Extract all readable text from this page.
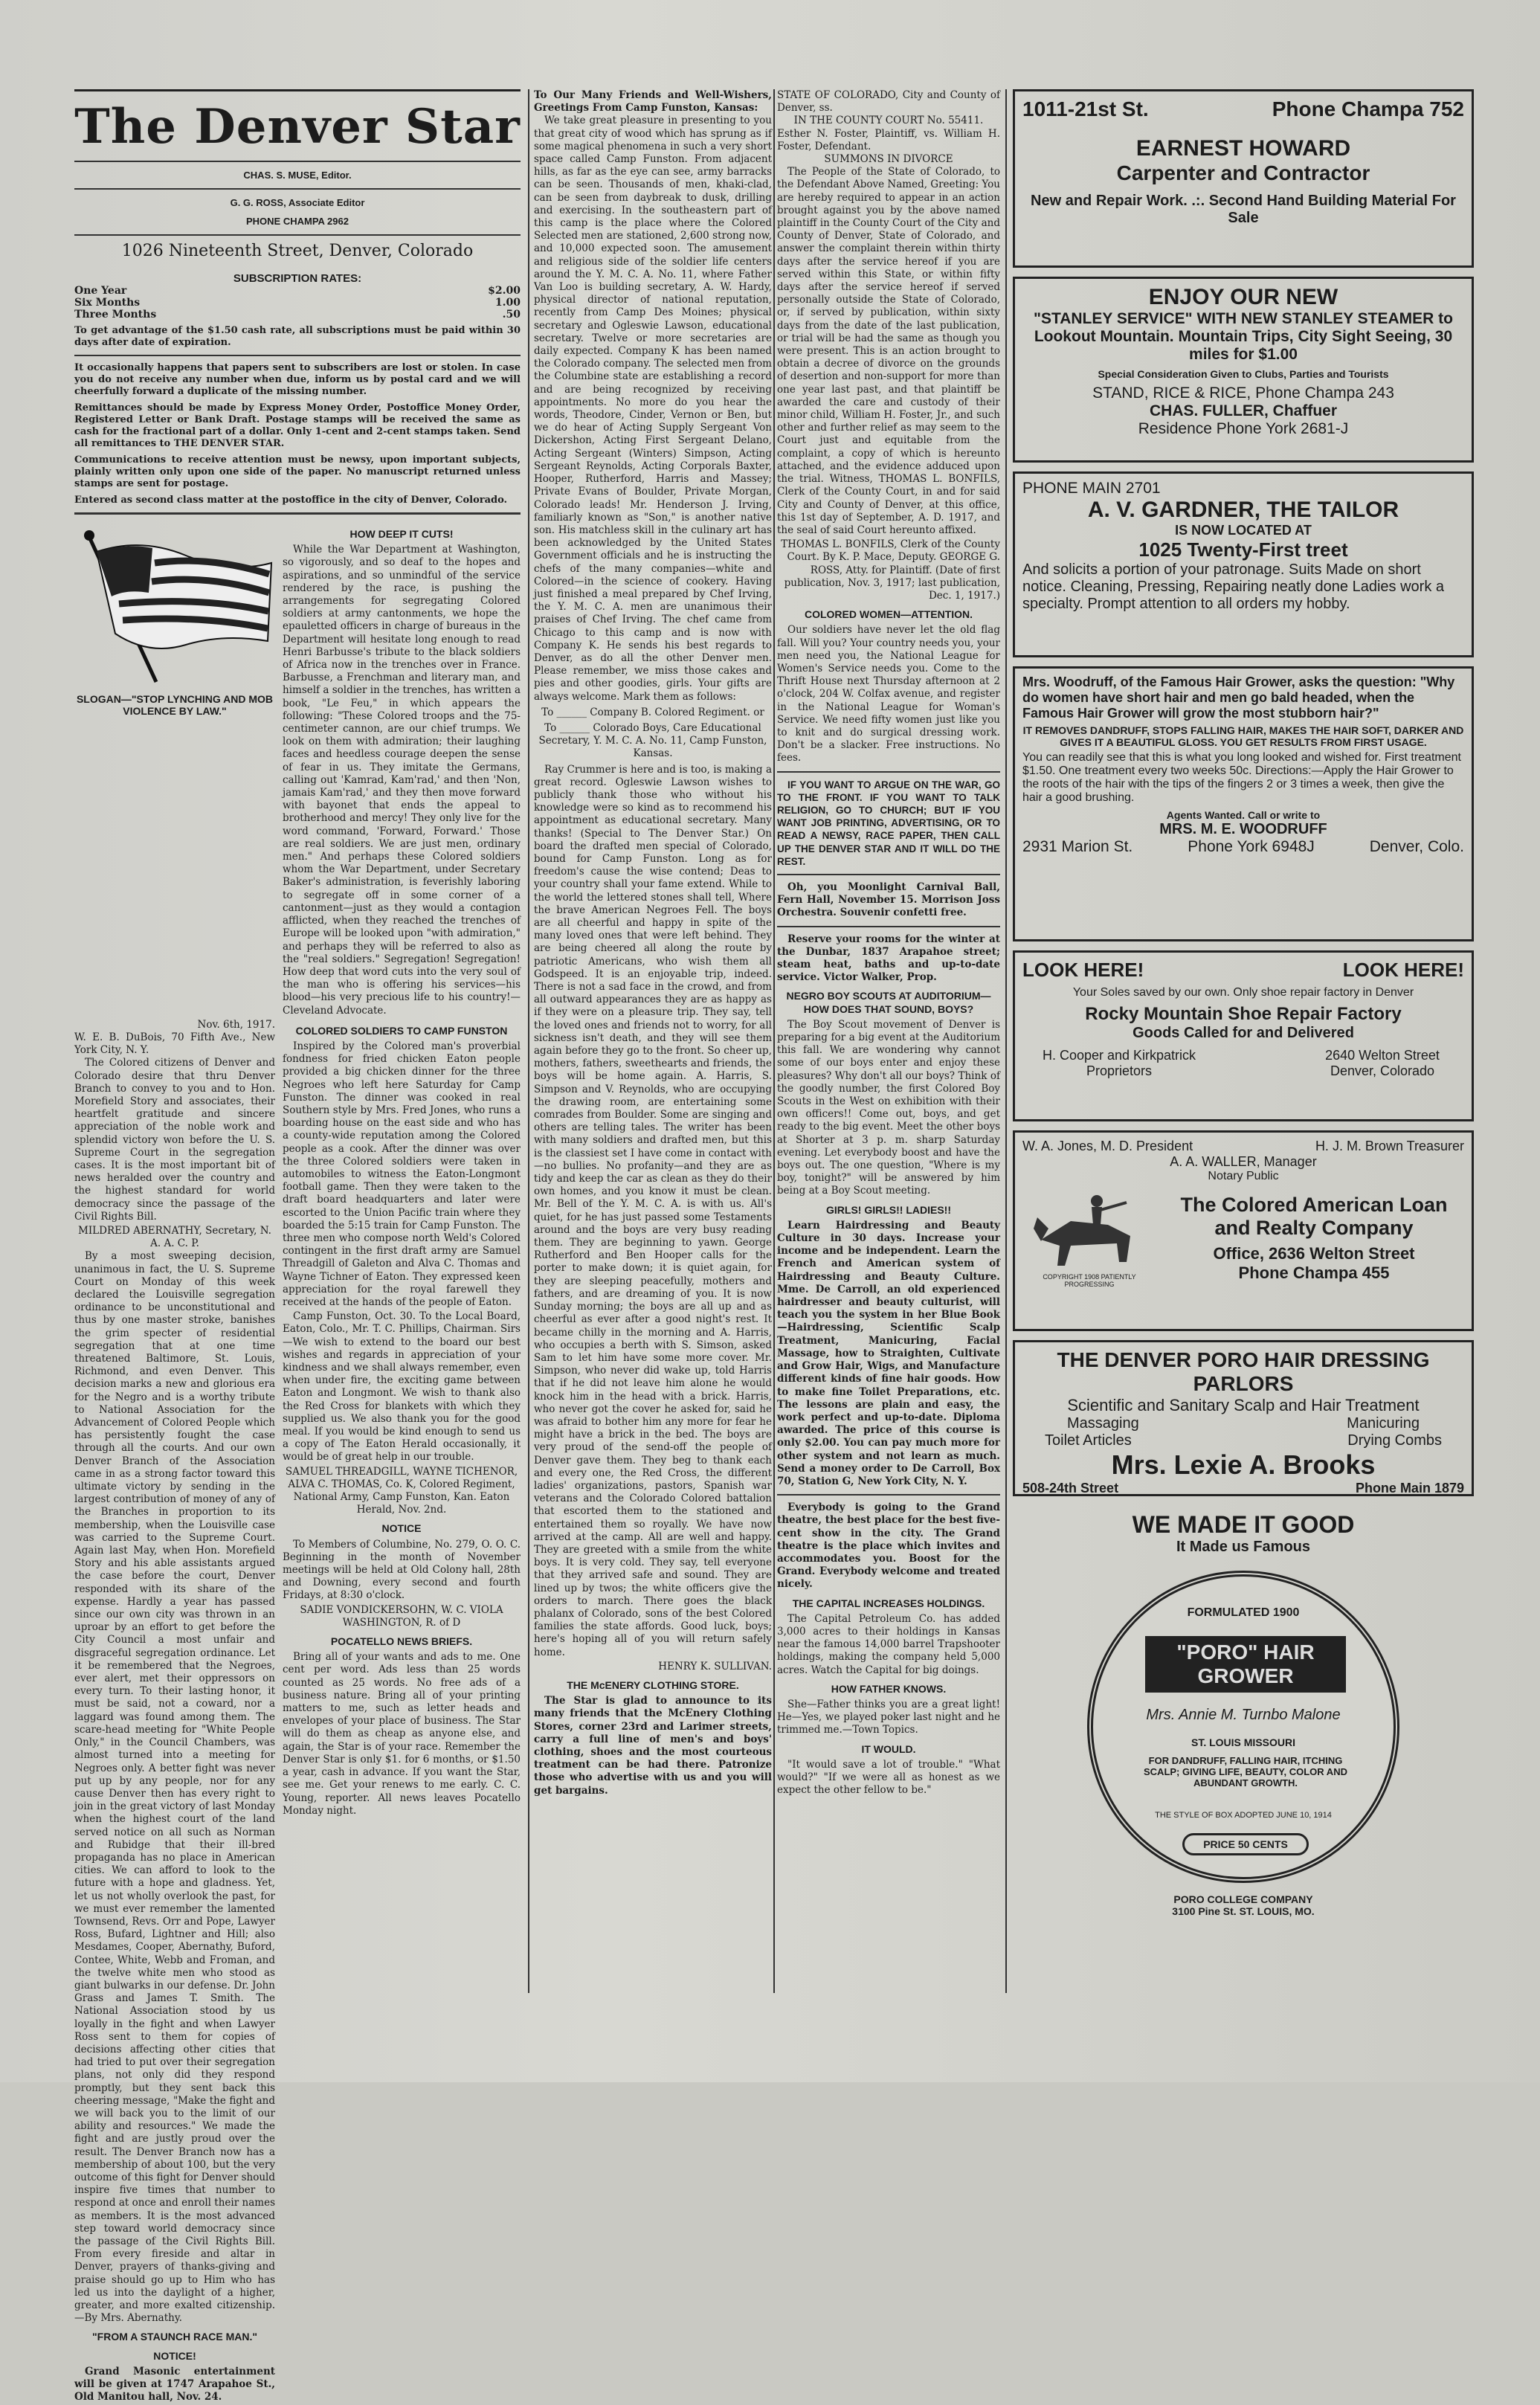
The Denver Star
CHAS. S. MUSE, Editor.
G. G. ROSS, Associate Editor
PHONE CHAMPA 2962
1026 Nineteenth Street, Denver, Colorado
SUBSCRIPTION RATES:
One Year	$2.00
Six Months	1.00
Three Months	.50
To get advantage of the $1.50 cash rate, all subscriptions must be paid within 30 days after date of expiration.
It occasionally happens that papers sent to subscribers are lost or stolen. In case you do not receive any number when due, inform us by postal card and we will cheerfully forward a duplicate of the missing number.
Remittances should be made by Express Money Order, Postoffice Money Order, Registered Letter or Bank Draft. Postage stamps will be received the same as cash for the fractional part of a dollar. Only 1-cent and 2-cent stamps taken. Send all remittances to THE DENVER STAR.
Communications to receive attention must be newsy, upon important subjects, plainly written only upon one side of the paper. No manuscript returned unless stamps are sent for postage.
Entered as second class matter at the postoffice in the city of Denver, Colorado.
SLOGAN—"STOP LYNCHING AND MOB VIOLENCE BY LAW."
HOW DEEP IT CUTS!

While the War Department at Washington, so vigorously, and so deaf to the hopes and aspirations, and so unmindful of the service rendered by the race, is pushing the arrangements for segregating Colored soldiers at army cantonments, we hope the epauletted officers in charge of bureaus in the Department will hesitate long enough to read Henri Barbusse's tribute to the black soldiers of Africa now in the trenches over in France. Barbusse, a Frenchman and literary man, and himself a soldier in the trenches, has written a book, "Le Feu," in which appears the following: "These Colored troops and the 75-centimeter cannon, are our chief trumps. We look on them with admiration; their laughing faces and heedless courage deepen the sense of fear in us. They imitate the Germans, calling out 'Kamrad, Kam'rad,' and then 'Non, jamais Kam'rad,' and they then move forward with bayonet that ends the appeal to brotherhood and mercy! They only live for the word command, 'Forward, Forward.' Those are real soldiers. We are just men, ordinary men." And perhaps these Colored soldiers whom the War Department, under Secretary Baker's administration, is feverishly laboring to segregate off in some corner of a cantonment—just as they would a contagion afflicted, when they reached the trenches of Europe will be looked upon "with admiration," and perhaps they will be referred to also as the "real soldiers." Segregation! Segregation! How deep that word cuts into the very soul of the man who is offering his services—his blood—his very precious life to his country!—Cleveland Advocate.

Nov. 6th, 1917.
W. E. B. DuBois, 70 Fifth Ave., New York City, N. Y.

The Colored citizens of Denver and Colorado desire that thru Denver Branch to convey to you and to Hon. Morefield Story and associates, their heartfelt gratitude and sincere appreciation of the noble work and splendid victory won before the U. S. Supreme Court in the segregation cases. It is the most important bit of news heralded over the country and the highest standard for world democracy since the passage of the Civil Rights Bill.

MILDRED ABERNATHY, Secretary, N. A. A. C. P.

By a most sweeping decision, unanimous in fact, the U. S. Supreme Court on Monday of this week declared the Louisville segregation ordinance to be unconstitutional and thus by one master stroke, banishes the grim specter of residential segregation that at one time threatened Baltimore, St. Louis, Richmond, and even Denver. This decision marks a new and glorious era for the Negro and is a worthy tribute to National Association for the Advancement of Colored People which has persistently fought the case through all the courts. And our own Denver Branch of the Association came in as a strong factor toward this ultimate victory by sending in the largest contribution of money of any of the Branches in proportion to its membership, when the Louisville case was carried to the Supreme Court. Again last May, when Hon. Morefield Story and his able assistants argued the case before the court, Denver responded with its share of the expense. Hardly a year has passed since our own city was thrown in an uproar by an effort to get before the City Council a most unfair and disgraceful segregation ordinance. Let it be remembered that the Negroes, ever alert, met their oppressors on every turn. To their lasting honor, it must be said, not a coward, nor a laggard was found among them. The scare-head meeting for "White People Only," in the Council Chambers, was almost turned into a meeting for Negroes only. A better fight was never put up by any people, nor for any cause Denver then has every right to join in the great victory of last Monday when the highest court of the land served notice on all such as Norman and Rubidge that their ill-bred propaganda has no place in American cities. We can afford to look to the future with a hope and gladness. Yet, let us not wholly overlook the past, for we must ever remember the lamented Townsend, Revs. Orr and Pope, Lawyer Ross, Bufard, Lightner and Hill; also Mesdames, Cooper, Abernathy, Buford, Contee, White, Webb and Froman, and the twelve white men who stood as giant bulwarks in our defense. Dr. John Grass and James T. Smith. The National Association stood by us loyally in the fight and when Lawyer Ross sent to them for copies of decisions affecting other cities that had tried to put over their segregation plans, not only did they respond promptly, but they sent back this cheering message, "Make the fight and we will back you to the limit of our ability and resources." We made the fight and are justly proud over the result. The Denver Branch now has a membership of about 100, but the very outcome of this fight for Denver should inspire five times that number to respond at once and enroll their names as members. It is the most advanced step toward world democracy since the passage of the Civil Rights Bill. From every fireside and altar in Denver, prayers of thanks-giving and praise should go up to Him who has led us into the daylight of a higher, greater, and more exalted citizenship.—By Mrs. Abernathy.

"FROM A STAUNCH RACE MAN."
NOTICE!

Grand Masonic entertainment will be given at 1747 Arapahoe St., Old Manitou hall, Nov. 24.

COLORED SOLDIERS TO CAMP FUNSTON

Inspired by the Colored man's proverbial fondness for fried chicken Eaton people provided a big chicken dinner for the three Negroes who left here Saturday for Camp Funston. The dinner was cooked in real Southern style by Mrs. Fred Jones, who runs a boarding house on the east side and who has a county-wide reputation among the Colored people as a cook. After the dinner was over the three Colored soldiers were taken in automobiles to witness the Eaton-Longmont football game. Then they were taken to the draft board headquarters and later were escorted to the Union Pacific train where they boarded the 5:15 train for Camp Funston. The three men who compose north Weld's Colored contingent in the first draft army are Samuel Threadgill of Galeton and Alva C. Thomas and Wayne Tichner of Eaton. They expressed keen appreciation for the royal farewell they received at the hands of the people of Eaton.

Camp Funston, Oct. 30. To the Local Board, Eaton, Colo., Mr. T. C. Phillips, Chairman. Sirs—We wish to extend to the board our best wishes and regards in appreciation of your kindness and we shall always remember, even when under fire, the exciting game between Eaton and Longmont. We wish to thank also the Red Cross for blankets with which they supplied us. We also thank you for the good meal. If you would be kind enough to send us a copy of The Eaton Herald occasionally, it would be of great help in our trouble.

SAMUEL THREADGILL, WAYNE TICHENOR, ALVA C. THOMAS, Co. K, Colored Regiment, National Army, Camp Funston, Kan. Eaton Herald, Nov. 2nd.
NOTICE

To Members of Columbine, No. 279, O. O. C. Beginning in the month of November meetings will be held at Old Colony hall, 28th and Downing, every second and fourth Fridays, at 8:30 o'clock.

SADIE VONDICKERSOHN, W. C. VIOLA WASHINGTON, R. of D
POCATELLO NEWS BRIEFS.

Bring all of your wants and ads to me. One cent per word. Ads less than 25 words counted as 25 words. No free ads of a business nature. Bring all of your printing matters to me, such as letter heads and envelopes of your place of business. The Star will do them as cheap as anyone else, and again, the Star is of your race. Remember the Denver Star is only $1. for 6 months, or $1.50 a year, cash in advance. If you want the Star, see me. Get your renews to me early. C. C. Young, reporter. All news leaves Pocatello Monday night.

To Our Many Friends and Well-Wishers, Greetings From Camp Funston, Kansas:

We take great pleasure in presenting to you that great city of wood which has sprung as if some magical phenomena in such a very short space called Camp Funston. From adjacent hills, as far as the eye can see, army barracks can be seen. Thousands of men, khaki-clad, can be seen from daybreak to dusk, drilling and exercising. In the southeastern part of this camp is the place where the Colored Selected men are stationed, 2,600 strong now, and 10,000 expected soon. The amusement and religious side of the soldier life centers around the Y. M. C. A. No. 11, where Father Van Loo is building secretary, A. W. Hardy, physical director of national reputation, recently from Camp Des Moines; physical secretary and Ogleswie Lawson, educational secretary. Twelve or more secretaries are daily expected. Company K has been named the Colorado company. The selected men from the Columbine state are establishing a record and are being recognized by receiving appointments. No more do you hear the words, Theodore, Cinder, Vernon or Ben, but we do hear of Acting Supply Sergeant Von Dickershon, Acting First Sergeant Delano, Acting Sergeant (Winters) Simpson, Acting Sergeant Reynolds, Acting Corporals Baxter, Hooper, Rutherford, Harris and Massey; Private Evans of Boulder, Private Morgan, Colorado leads! Mr. Henderson J. Irving, familiarly known as "Son," is another native son. His matchless skill in the culinary art has been acknowledged by the United States Government officials and he is instructing the chefs of the many companies—white and Colored—in the science of cookery. Having just finished a meal prepared by Chef Irving, the Y. M. C. A. men are unanimous their praises of Chef Irving. The chef came from Chicago to this camp and is now with Company K. He sends his best regards to Denver, as do all the other Denver men. Please remember, we miss those cakes and pies and other goodies, girls. Your gifts are always welcome. Mark them as follows:

To ______ Company B. Colored Regiment. or
To ______ Colorado Boys, Care Educational Secretary, Y. M. C. A. No. 11, Camp Funston, Kansas.

Ray Crummer is here and is too, is making a great record. Ogleswie Lawson wishes to publicly thank those who without his knowledge were so kind as to recommend his appointment as educational secretary. Many thanks! (Special to The Denver Star.) On board the drafted men special of Colorado, bound for Camp Funston. Long as for freedom's cause the wise contend; Deas to your country shall your fame extend. While to the world the lettered stones shall tell, Where the brave American Negroes Fell. The boys are all cheerful and happy in spite of the many loved ones that were left behind. They are being cheered all along the route by patriotic Americans, who wish them all Godspeed. It is an enjoyable trip, indeed. There is not a sad face in the crowd, and from all outward appearances they are as happy as if they were on a pleasure trip. They say, tell the loved ones and friends not to worry, for all sickness isn't death, and they will see them again before they go to the front. So cheer up, mothers, fathers, sweethearts and friends, the boys will be home again. A. Harris, S. Simpson and V. Reynolds, who are occupying the drawing room, are entertaining some comrades from Boulder. Some are singing and others are telling tales. The writer has been with many soldiers and drafted men, but this is the classiest set I have come in contact with—no bullies. No profanity—and they are as tidy and keep the car as clean as they do their own homes, and you know it must be clean. Mr. Bell of the Y. M. C. A. is with us. All's quiet, for he has just passed some Testaments around and the boys are very busy reading them. They are beginning to yawn. George Rutherford and Ben Hooper calls for the porter to make down; it is quiet again, for they are sleeping peacefully, mothers and fathers, and are dreaming of you. It is now Sunday morning; the boys are all up and as cheerful as ever after a good night's rest. It became chilly in the morning and A. Harris, who occupies a berth with S. Simson, asked Sam to let him have some more cover. Mr. Simpson, who never did wake up, told Harris that if he did not leave him alone he would knock him in the head with a brick. Harris, who never got the cover he asked for, said he was afraid to bother him any more for fear he might have a brick in the bed. The boys are very proud of the send-off the people of Denver gave them. They beg to thank each and every one, the Red Cross, the different ladies' organizations, pastors, Spanish war veterans and the Colorado Colored battalion that escorted them to the stationed and entertained them so royally. We have now arrived at the camp. All are well and happy. They are greeted with a smile from the white boys. It is very cold. They say, tell everyone that they arrived safe and sound. They are lined up by twos; the white officers give the orders to march. There goes the black phalanx of Colorado, sons of the best Colored families the state affords. Good luck, boys; here's hoping all of you will return safely home.

HENRY K. SULLIVAN.
THE McENERY CLOTHING STORE.

The Star is glad to announce to its many friends that the McEnery Clothing Stores, corner 23rd and Larimer streets, carry a full line of men's and boys' clothing, shoes and the most courteous treatment can be had there. Patronize those who advertise with us and you will get bargains.

STATE OF COLORADO, City and County of Denver, ss.
IN THE COUNTY COURT No. 55411.
Esther N. Foster, Plaintiff, vs. William H. Foster, Defendant.
SUMMONS IN DIVORCE

The People of the State of Colorado, to the Defendant Above Named, Greeting: You are hereby required to appear in an action brought against you by the above named plaintiff in the County Court of the City and County of Denver, State of Colorado, and answer the complaint therein within thirty days after the service hereof if you are served within this State, or within fifty days after the service hereof if served personally outside the State of Colorado, or, if served by publication, within sixty days from the date of the last publication, or trial will be had the same as though you were present. This is an action brought to obtain a decree of divorce on the grounds of desertion and non-support for more than one year last past, and that plaintiff be awarded the care and custody of their minor child, William H. Foster, Jr., and such other and further relief as may seem to the Court just and equitable from the complaint, a copy of which is hereunto attached, and the evidence adduced upon the trial. Witness, THOMAS L. BONFILS, Clerk of the County Court, in and for said City and County of Denver, at this office, this 1st day of September, A. D. 1917, and the seal of said Court hereunto affixed.

THOMAS L. BONFILS, Clerk of the County Court. By K. P. Mace, Deputy. GEORGE G. ROSS, Atty. for Plaintiff. (Date of first publication, Nov. 3, 1917; last publication, Dec. 1, 1917.)
COLORED WOMEN—ATTENTION.

Our soldiers have never let the old flag fall. Will you? Your country needs you, your men need you, the National League for Women's Service needs you. Come to the Thrift House next Thursday afternoon at 2 o'clock, 204 W. Colfax avenue, and register in the National League for Woman's Service. We need fifty women just like you to knit and do surgical dressing work. Don't be a slacker. Free instructions. No fees.

IF YOU WANT TO ARGUE ON THE WAR, GO TO THE FRONT. IF YOU WANT TO TALK RELIGION, GO TO CHURCH; BUT IF YOU WANT JOB PRINTING, ADVERTISING, OR TO READ A NEWSY, RACE PAPER, THEN CALL UP THE DENVER STAR AND IT WILL DO THE REST.

Oh, you Moonlight Carnival Ball, Fern Hall, November 15. Morrison Joss Orchestra. Souvenir confetti free.

Reserve your rooms for the winter at the Dunbar, 1837 Arapahoe street; steam heat, baths and up-to-date service. Victor Walker, Prop.

NEGRO BOY SCOUTS AT AUDITORIUM—HOW DOES THAT SOUND, BOYS?

The Boy Scout movement of Denver is preparing for a big event at the Auditorium this fall. We are wondering why cannot some of our boys enter and enjoy these pleasures? Why don't all our boys? Think of the goodly number, the first Colored Boy Scouts in the West on exhibition with their own officers!! Come out, boys, and get ready to the big event. Meet the other boys at Shorter at 3 p. m. sharp Saturday evening. Let everybody boost and have the boys out. The one question, "Where is my boy, tonight?" will be answered by him being at a Boy Scout meeting.

GIRLS! GIRLS!! LADIES!!

Learn Hairdressing and Beauty Culture in 30 days. Increase your income and be independent. Learn the French and American system of Hairdressing and Beauty Culture. Mme. De Carroll, an old experienced hairdresser and beauty culturist, will teach you the system in her Blue Book—Hairdressing, Scientific Scalp Treatment, Manicuring, Facial Massage, how to Straighten, Cultivate and Grow Hair, Wigs, and Manufacture different kinds of fine hair goods. How to make fine Toilet Preparations, etc. The lessons are plain and easy, the work perfect and up-to-date. Diploma awarded. The price of this course is only $2.00. You can pay much more for other system and not learn as much. Send a money order to De Carroll, Box 70, Station G, New York City, N. Y.

Everybody is going to the Grand theatre, the best place for the best five-cent show in the city. The Grand theatre is the place which invites and accommodates you. Boost for the Grand. Everybody welcome and treated nicely.

THE CAPITAL INCREASES HOLDINGS.

The Capital Petroleum Co. has added 3,000 acres to their holdings in Kansas near the famous 14,000 barrel Trapshooter holdings, making the company held 5,000 acres. Watch the Capital for big doings.

HOW FATHER KNOWS.

She—Father thinks you are a great light! He—Yes, we played poker last night and he trimmed me.—Town Topics.

IT WOULD.

"It would save a lot of trouble." "What would?" "If we were all as honest as we expect the other fellow to be."

1011-21st St.	Phone Champa 752
EARNEST HOWARD
Carpenter and Contractor
New and Repair Work. .:. Second Hand Building Material For Sale
ENJOY OUR NEW
"STANLEY SERVICE" WITH NEW STANLEY STEAMER to Lookout Mountain. Mountain Trips, City Sight Seeing, 30 miles for $1.00
Special Consideration Given to Clubs, Parties and Tourists
STAND, RICE & RICE, Phone Champa 243
CHAS. FULLER, Chaffuer
Residence Phone York 2681-J
PHONE MAIN 2701
A. V. GARDNER, THE TAILOR
IS NOW LOCATED AT
1025 Twenty-First treet
And solicits a portion of your patronage. Suits Made on short notice. Cleaning, Pressing, Repairing neatly done Ladies work a specialty. Prompt attention to all orders my hobby.
Mrs. Woodruff, of the Famous Hair Grower, asks the question: "Why do women have short hair and men go bald headed, when the Famous Hair Grower will grow the most stubborn hair?"
IT REMOVES DANDRUFF, STOPS FALLING HAIR, MAKES THE HAIR SOFT, DARKER AND GIVES IT A BEAUTIFUL GLOSS. YOU GET RESULTS FROM FIRST USAGE.
You can readily see that this is what you long looked and wished for. First treatment $1.50. One treatment every two weeks 50c. Directions:—Apply the Hair Grower to the roots of the hair with the tips of the fingers 2 or 3 times a week, then give the hair a good brushing.
Agents Wanted. Call or write to
MRS. M. E. WOODRUFF
2931 Marion St.	Phone York 6948J	Denver, Colo.
LOOK HERE!	LOOK HERE!
Your Soles saved by our own. Only shoe repair factory in Denver
Rocky Mountain Shoe Repair Factory
Goods Called for and Delivered
H. Cooper and Kirkpatrick Proprietors
2640 Welton Street Denver, Colorado
W. A. Jones, M. D. President	H. J. M. Brown Treasurer
A. A. WALLER, Manager
Notary Public
COPYRIGHT 1908 PATIENTLY PROGRESSING
The Colored American Loan and Realty Company
Office, 2636 Welton Street
Phone Champa 455
THE DENVER PORO HAIR DRESSING PARLORS
Scientific and Sanitary Scalp and Hair Treatment
Massaging	Manicuring
Toilet Articles	Drying Combs
Mrs. Lexie A. Brooks
508-24th Street	Phone Main 1879
WE MADE IT GOOD
It Made us Famous
FORMULATED 1900
"PORO" HAIR GROWER
Mrs. Annie M. Turnbo Malone
ST. LOUIS MISSOURI
FOR DANDRUFF, FALLING HAIR, ITCHING SCALP; GIVING LIFE, BEAUTY, COLOR AND ABUNDANT GROWTH.
THE STYLE OF BOX ADOPTED JUNE 10, 1914
PRICE 50 CENTS
PORO COLLEGE COMPANY
3100 Pine St. ST. LOUIS, MO.
